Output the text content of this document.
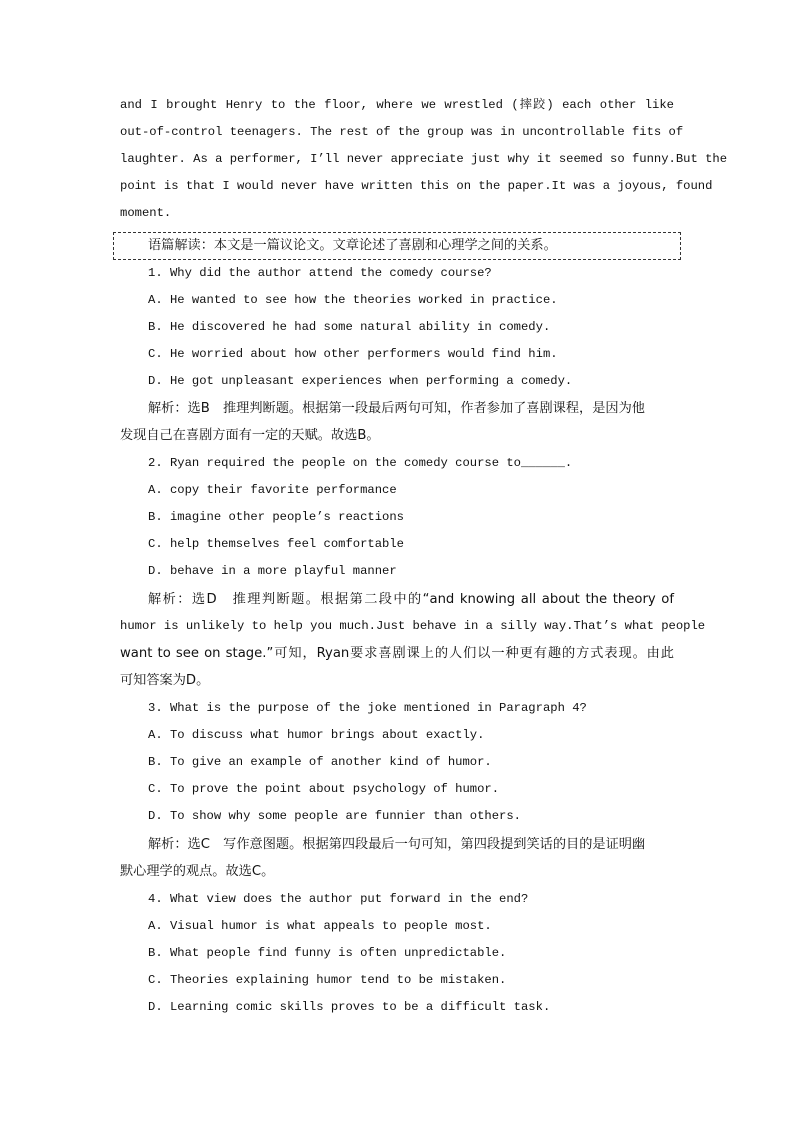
and I brought Henry to the floor, where we wrestled (摔跤) each other like
out-of-control teenagers. The rest of the group was in uncontrollable fits of
laughter. As a performer, I’ll never appreciate just why it seemed so funny.But the
point is that I would never have written this on the paper.It was a joyous, found
moment.
语篇解读：本文是一篇议论文。文章论述了喜剧和心理学之间的关系。
1. Why did the author attend the comedy course?
A. He wanted to see how the theories worked in practice.
B. He discovered he had some natural ability in comedy.
C. He worried about how other performers would find him.
D. He got unpleasant experiences when performing a comedy.
解析：选B　推理判断题。根据第一段最后两句可知，作者参加了喜剧课程，是因为他
发现自己在喜剧方面有一定的天赋。故选B。
2. Ryan required the people on the comedy course to______.
A. copy their favorite performance
B. imagine other people’s reactions
C. help themselves feel comfortable
D. behave in a more playful manner
解析：选D　推理判断题。根据第二段中的“and knowing all about the theory of
humor is unlikely to help you much.Just behave in a silly way.That’s what people
want to see on stage.”可知，Ryan要求喜剧课上的人们以一种更有趣的方式表现。由此
可知答案为D。
3. What is the purpose of the joke mentioned in Paragraph 4?
A. To discuss what humor brings about exactly.
B. To give an example of another kind of humor.
C. To prove the point about psychology of humor.
D. To show why some people are funnier than others.
解析：选C　写作意图题。根据第四段最后一句可知，第四段提到笑话的目的是证明幽
默心理学的观点。故选C。
4. What view does the author put forward in the end?
A. Visual humor is what appeals to people most.
B. What people find funny is often unpredictable.
C. Theories explaining humor tend to be mistaken.
D. Learning comic skills proves to be a difficult task.
